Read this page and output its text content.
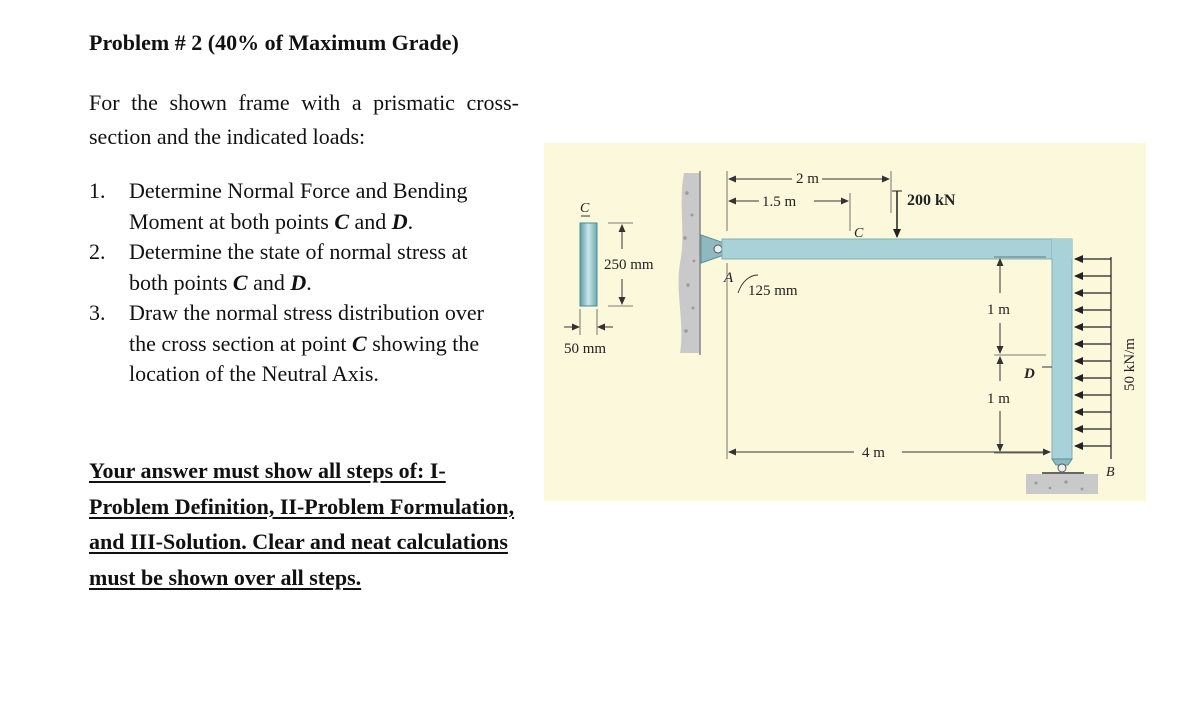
Problem # 2 (40% of Maximum Grade)
For the shown frame with a prismatic cross-section and the indicated loads:
1. Determine Normal Force and Bending Moment at both points C and D.
2. Determine the state of normal stress at both points C and D.
3. Draw the normal stress distribution over the cross section at point C showing the location of the Neutral Axis.
Your answer must show all steps of: I-Problem Definition, II-Problem Formulation, and III-Solution. Clear and neat calculations must be shown over all steps.
C
250 mm
50 mm
A
125 mm
2 m
1.5 m
C
200 kN
1 m
1 m
D
4 m
50 kN/m
B
